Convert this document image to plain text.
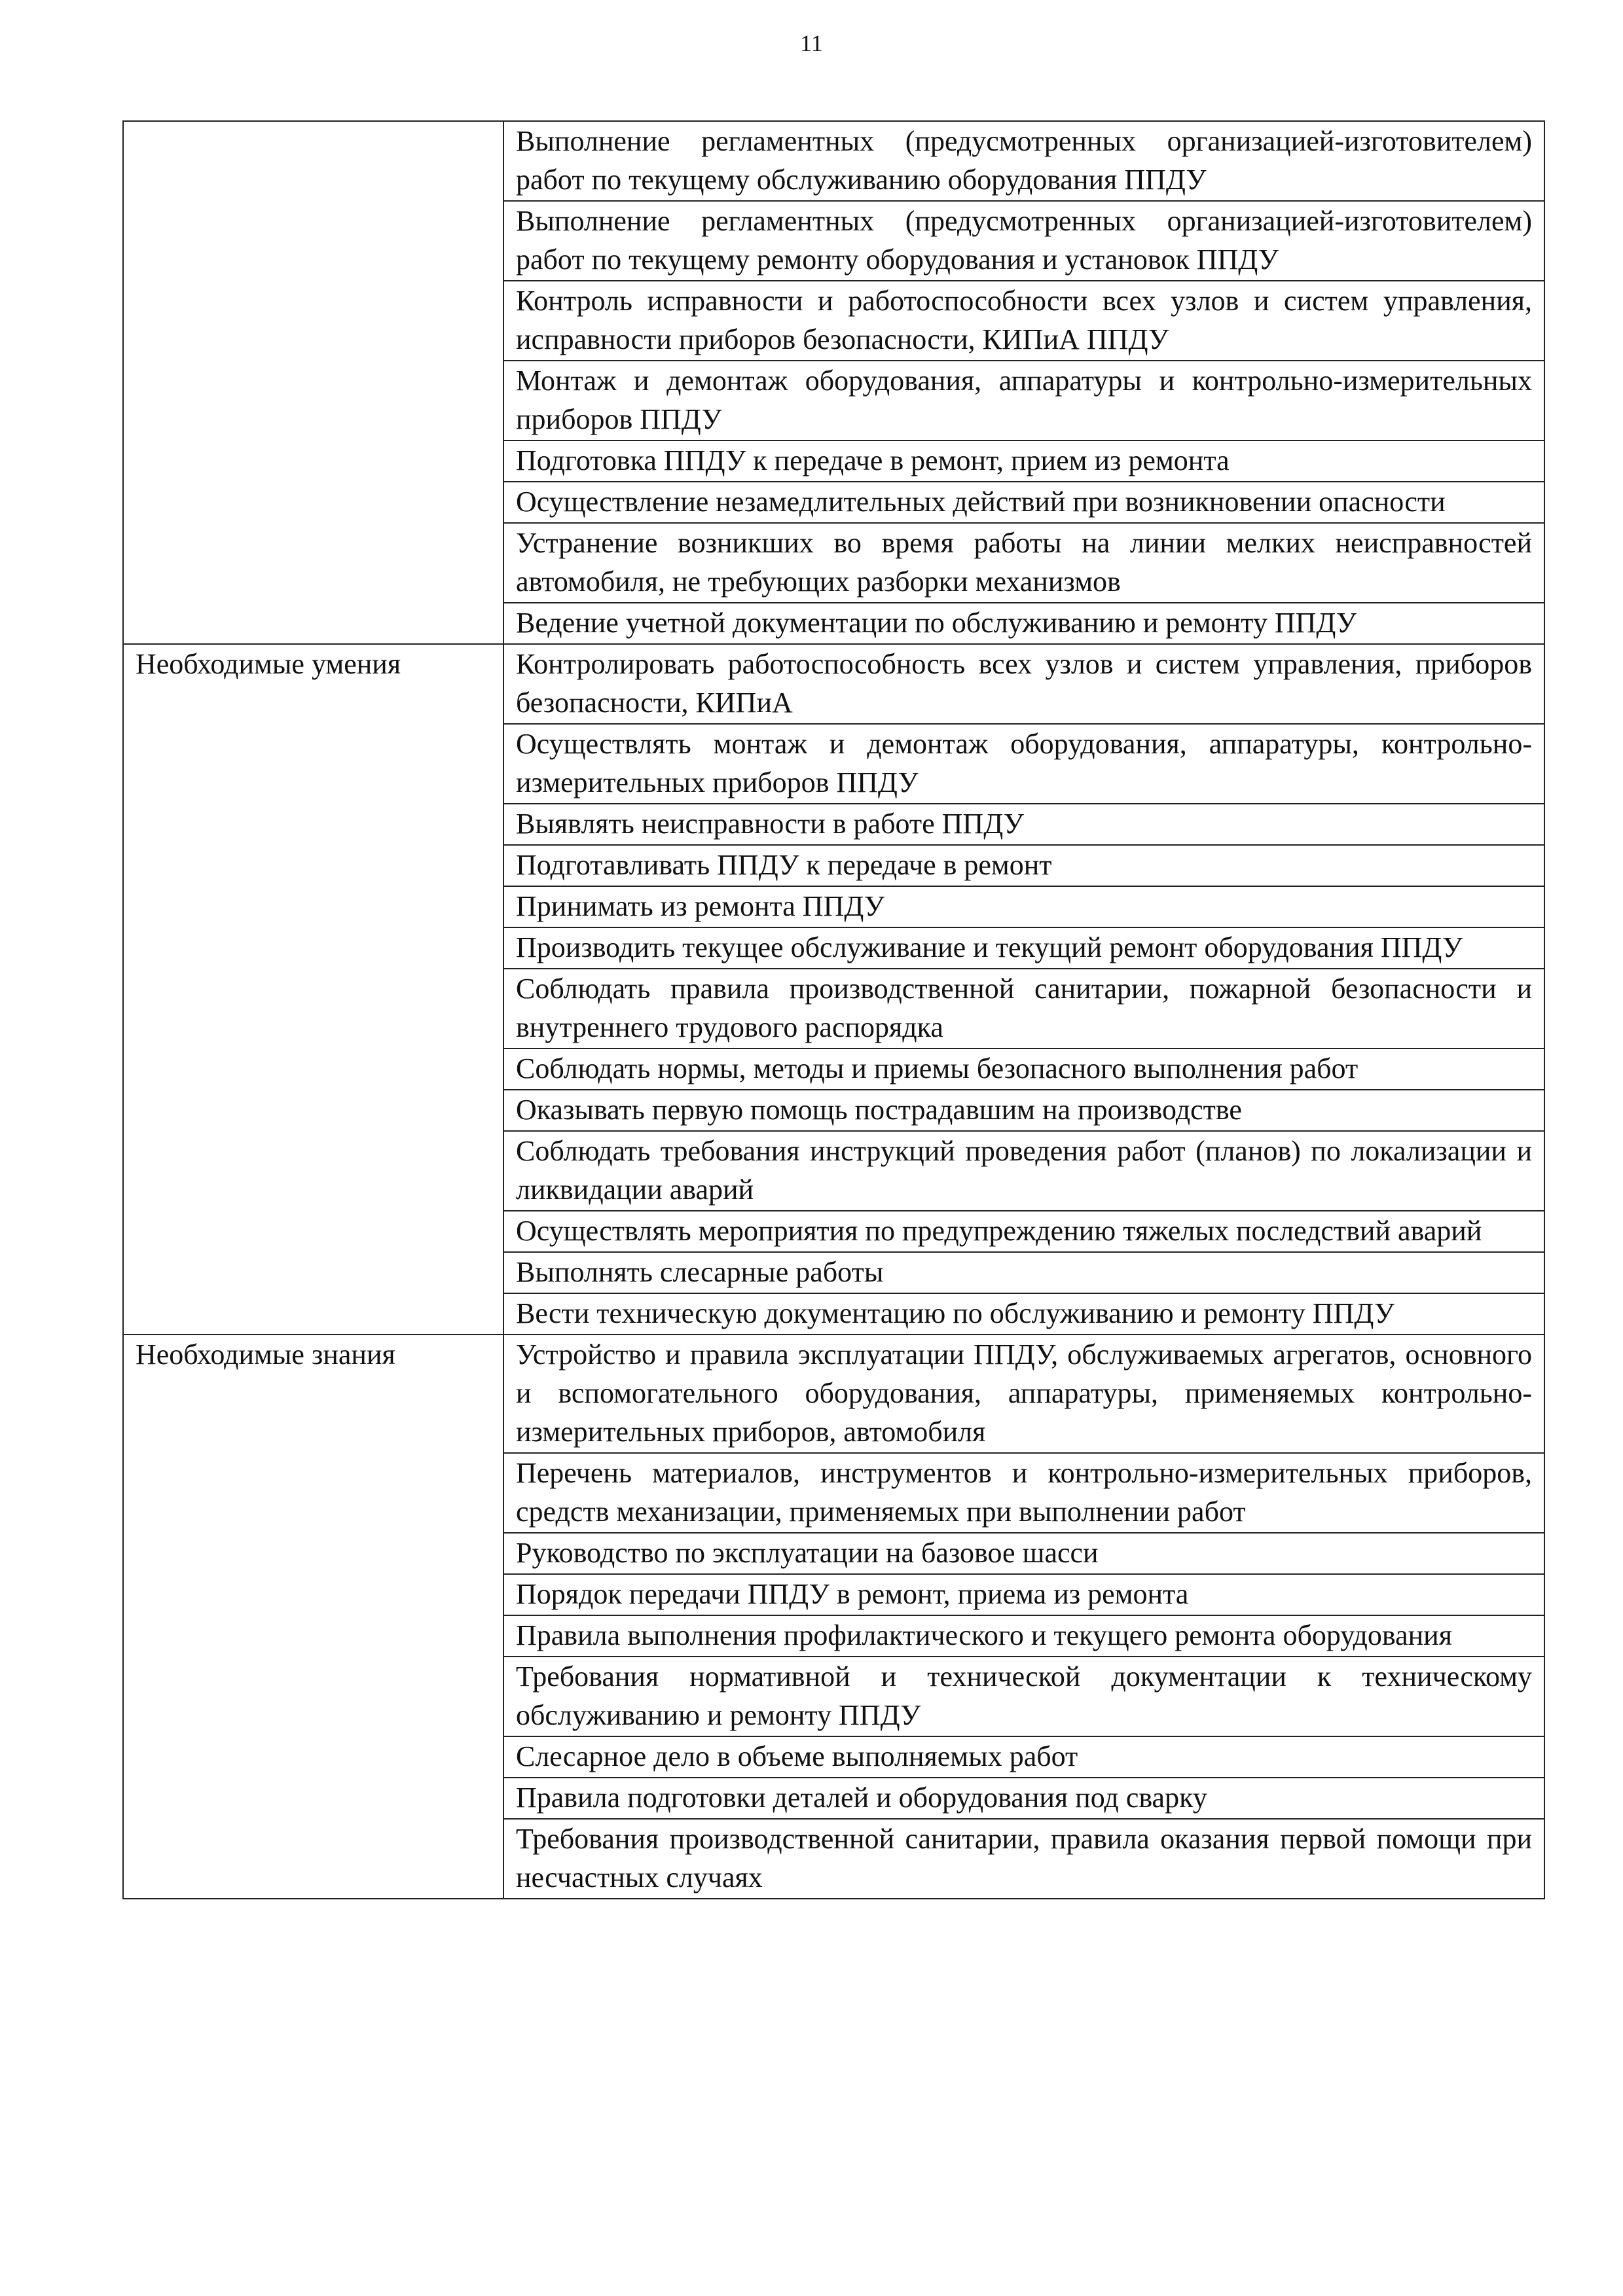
11
	Выполнение регламентных (предусмотренных организацией-изготовителем) работ по текущему обслуживанию оборудования ППДУ
	Выполнение регламентных (предусмотренных организацией-изготовителем) работ по текущему ремонту оборудования и установок ППДУ
	Контроль исправности и работоспособности всех узлов и систем управления, исправности приборов безопасности, КИПиА ППДУ
	Монтаж и демонтаж оборудования, аппаратуры и контрольно-измерительных приборов ППДУ
	Подготовка ППДУ к передаче в ремонт, прием из ремонта
	Осуществление незамедлительных действий при возникновении опасности
	Устранение возникших во время работы на линии мелких неисправностей автомобиля, не требующих разборки механизмов
	Ведение учетной документации по обслуживанию и ремонту ППДУ
Необходимые умения	Контролировать работоспособность всех узлов и систем управления, приборов безопасности, КИПиА
	Осуществлять монтаж и демонтаж оборудования, аппаратуры, контрольно-измерительных приборов ППДУ
	Выявлять неисправности в работе ППДУ
	Подготавливать ППДУ к передаче в ремонт
	Принимать из ремонта ППДУ
	Производить текущее обслуживание и текущий ремонт оборудования ППДУ
	Соблюдать правила производственной санитарии, пожарной безопасности и внутреннего трудового распорядка
	Соблюдать нормы, методы и приемы безопасного выполнения работ
	Оказывать первую помощь пострадавшим на производстве
	Соблюдать требования инструкций проведения работ (планов) по локализации и ликвидации аварий
	Осуществлять мероприятия по предупреждению тяжелых последствий аварий
	Выполнять слесарные работы
	Вести техническую документацию по обслуживанию и ремонту ППДУ
Необходимые знания	Устройство и правила эксплуатации ППДУ, обслуживаемых агрегатов, основного и вспомогательного оборудования, аппаратуры, применяемых контрольно-измерительных приборов, автомобиля
	Перечень материалов, инструментов и контрольно-измерительных приборов, средств механизации, применяемых при выполнении работ
	Руководство по эксплуатации на базовое шасси
	Порядок передачи ППДУ в ремонт, приема из ремонта
	Правила выполнения профилактического и текущего ремонта оборудования
	Требования нормативной и технической документации к техническому обслуживанию и ремонту ППДУ
	Слесарное дело в объеме выполняемых работ
	Правила подготовки деталей и оборудования под сварку
	Требования производственной санитарии, правила оказания первой помощи при несчастных случаях
